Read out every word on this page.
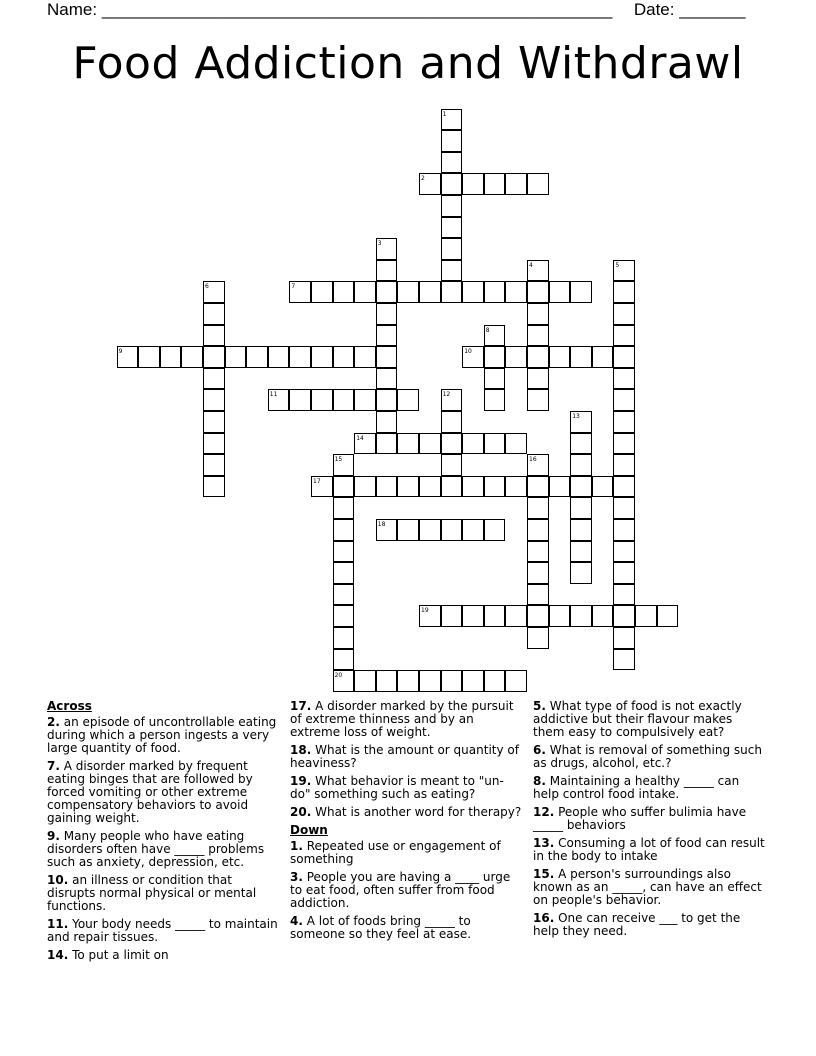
Name: ______________________________________________________ Date: _______
Food Addiction and Withdrawl
1
2
3
4	5
6	7
8
9	10
11	12
13
14
15	16
17
18
19
20
Across
2. an episode of uncontrollable eating during which a person ingests a very large quantity of food.
7. A disorder marked by frequent eating binges that are followed by forced vomiting or other extreme compensatory behaviors to avoid gaining weight.
9. Many people who have eating disorders often have _____ problems such as anxiety, depression, etc.
10. an illness or condition that disrupts normal physical or mental functions.
11. Your body needs _____ to maintain and repair tissues.
14. To put a limit on
17. A disorder marked by the pursuit of extreme thinness and by an extreme loss of weight.
18. What is the amount or quantity of heaviness?
19. What behavior is meant to "un-do" something such as eating?
20. What is another word for therapy?
Down
1. Repeated use or engagement of something
3. People you are having a ____ urge to eat food, often suffer from food addiction.
4. A lot of foods bring _____ to someone so they feel at ease.
5. What type of food is not exactly addictive but their flavour makes them easy to compulsively eat?
6. What is removal of something such as drugs, alcohol, etc.?
8. Maintaining a healthy _____ can help control food intake.
12. People who suffer bulimia have _____ behaviors
13. Consuming a lot of food can result in the body to intake
15. A person's surroundings also known as an _____, can have an effect on people's behavior.
16. One can receive ___ to get the help they need.
